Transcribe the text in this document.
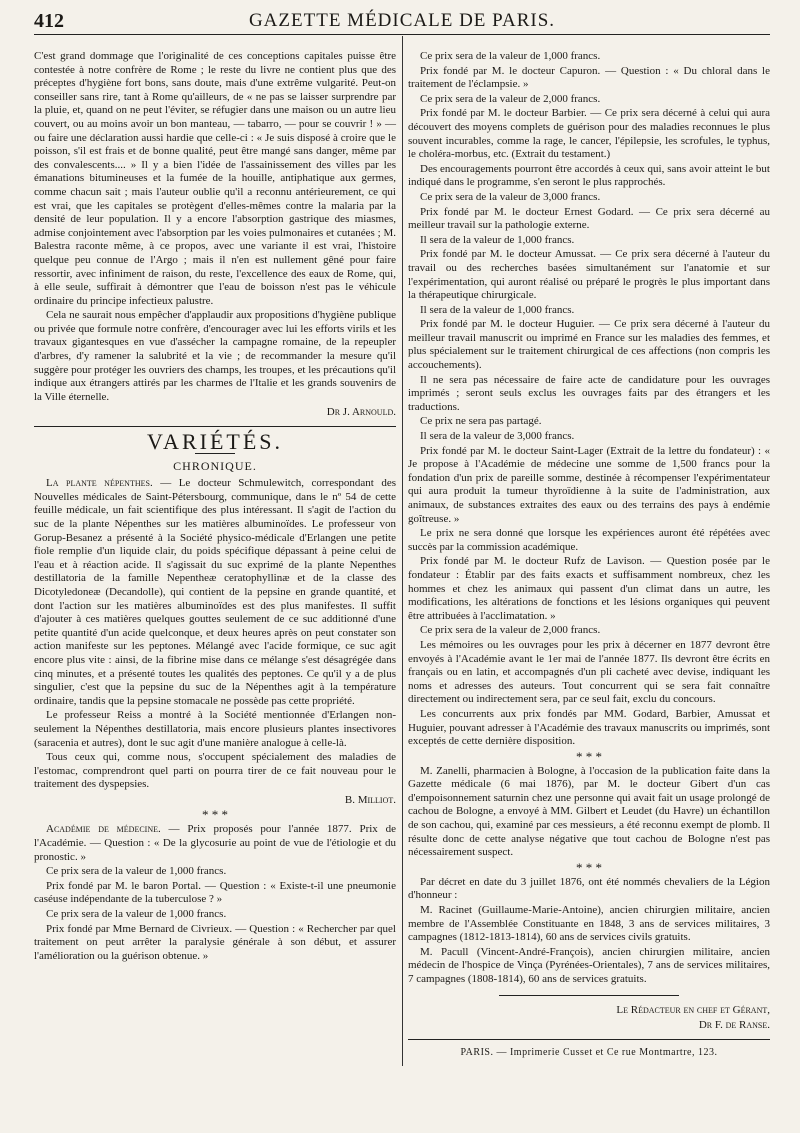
412	GAZETTE MÉDICALE DE PARIS.

C'est grand dommage que l'originalité de ces conceptions capitales puisse être contestée à notre confrère de Rome ; le reste du livre ne contient plus que des préceptes d'hygiène fort bons, sans doute, mais d'une extrême vulgarité. Peut-on conseiller sans rire, tant à Rome qu'ailleurs, de « ne pas se laisser surprendre par la pluie, et, quand on ne peut l'éviter, se réfugier dans une maison ou un autre lieu couvert, ou au moins avoir un bon manteau, — tabarro, — pour se couvrir ! » — ou faire une déclaration aussi hardie que celle-ci : « Je suis disposé à croire que le poisson, s'il est frais et de bonne qualité, peut être mangé sans danger, même par des convalescents.... » Il y a bien l'idée de l'assainissement des villes par les émanations bitumineuses et la fumée de la houille, antiphatique aux germes, comme chacun sait ; mais l'auteur oublie qu'il a reconnu antérieurement, ce qui est vrai, que les capitales se protègent d'elles-mêmes contre la malaria par la densité de leur population. Il y a encore l'absorption gastrique des miasmes, admise conjointement avec l'absorption par les voies pulmonaires et cutanées ; M. Balestra raconte même, à ce propos, avec une variante il est vrai, l'histoire quelque peu connue de l'Argo ; mais il n'en est nullement gêné pour faire ressortir, avec infiniment de raison, du reste, l'excellence des eaux de Rome, qui, à elle seule, suffirait à démontrer que l'eau de boisson n'est pas le véhicule ordinaire du principe infectieux palustre.

Cela ne saurait nous empêcher d'applaudir aux propositions d'hygiène publique ou privée que formule notre confrère, d'encourager avec lui les efforts virils et les travaux gigantesques en vue d'assécher la campagne romaine, de la repeupler d'arbres, d'y ramener la salubrité et la vie ; de recommander la mesure qu'il suggère pour protéger les ouvriers des champs, les troupes, et les précautions qu'il indique aux étrangers attirés par les charmes de l'Italie et les grands souvenirs de la Ville éternelle.

Dr J. Arnould.
VARIÉTÉS.
CHRONIQUE.

La plante népenthes. — Le docteur Schmulewitch, correspondant des Nouvelles médicales de Saint-Pétersbourg, communique, dans le nº 54 de cette feuille médicale, un fait scientifique des plus intéressant. Il s'agit de l'action du suc de la plante Népenthes sur les matières albuminoïdes. Le professeur von Gorup-Besanez a présenté à la Société physico-médicale d'Erlangen une petite fiole remplie d'un liquide clair, du poids spécifique dépassant à peine celui de l'eau et à réaction acide. Il s'agissait du suc exprimé de la plante Nepenthes destillatoria de la famille Nepentheæ ceratophyllinæ et de la classe des Dicotyledoneæ (Decandolle), qui contient de la pepsine en grande quantité, et dont l'action sur les matières albuminoïdes est des plus manifestes. Il suffit d'ajouter à ces matières quelques gouttes seulement de ce suc additionné d'une petite quantité d'un acide quelconque, et deux heures après on peut constater son action manifeste sur les peptones. Mélangé avec l'acide formique, ce suc agit encore plus vite : ainsi, de la fibrine mise dans ce mélange s'est désagrégée dans cinq minutes, et a présenté toutes les qualités des peptones. Ce qu'il y a de plus singulier, c'est que la pepsine du suc de la Népenthes agit à la température ordinaire, tandis que la pepsine stomacale ne possède pas cette propriété.

Le professeur Reiss a montré à la Société mentionnée d'Erlangen non-seulement la Népenthes destillatoria, mais encore plusieurs plantes insectivores (saracenia et autres), dont le suc agit d'une manière analogue à celle-là.

Tous ceux qui, comme nous, s'occupent spécialement des maladies de l'estomac, comprendront quel parti on pourra tirer de ce fait nouveau pour le traitement des dyspepsies.

B. Milliot.
* * *

Académie de médecine. — Prix proposés pour l'année 1877. Prix de l'Académie. — Question : « De la glycosurie au point de vue de l'étiologie et du pronostic. »

Ce prix sera de la valeur de 1,000 francs.

Prix fondé par M. le baron Portal. — Question : « Existe-t-il une pneumonie caséuse indépendante de la tuberculose ? »

Ce prix sera de la valeur de 1,000 francs.

Prix fondé par Mme Bernard de Civrieux. — Question : « Rechercher par quel traitement on peut arrêter la paralysie générale à son début, et assurer l'amélioration ou la guérison obtenue. »

Ce prix sera de la valeur de 1,000 francs.

Prix fondé par M. le docteur Capuron. — Question : « Du chloral dans le traitement de l'éclampsie. »

Ce prix sera de la valeur de 2,000 francs.

Prix fondé par M. le docteur Barbier. — Ce prix sera décerné à celui qui aura découvert des moyens complets de guérison pour des maladies reconnues le plus souvent incurables, comme la rage, le cancer, l'épilepsie, les scrofules, le typhus, le choléra-morbus, etc. (Extrait du testament.)

Des encouragements pourront être accordés à ceux qui, sans avoir atteint le but indiqué dans le programme, s'en seront le plus rapprochés.

Ce prix sera de la valeur de 3,000 francs.

Prix fondé par M. le docteur Ernest Godard. — Ce prix sera décerné au meilleur travail sur la pathologie externe.

Il sera de la valeur de 1,000 francs.

Prix fondé par M. le docteur Amussat. — Ce prix sera décerné à l'auteur du travail ou des recherches basées simultanément sur l'anatomie et sur l'expérimentation, qui auront réalisé ou préparé le progrès le plus important dans la thérapeutique chirurgicale.

Il sera de la valeur de 1,000 francs.

Prix fondé par M. le docteur Huguier. — Ce prix sera décerné à l'auteur du meilleur travail manuscrit ou imprimé en France sur les maladies des femmes, et plus spécialement sur le traitement chirurgical de ces affections (non compris les accouchements).

Il ne sera pas nécessaire de faire acte de candidature pour les ouvrages imprimés ; seront seuls exclus les ouvrages faits par des étrangers et les traductions.

Ce prix ne sera pas partagé.

Il sera de la valeur de 3,000 francs.

Prix fondé par M. le docteur Saint-Lager (Extrait de la lettre du fondateur) : « Je propose à l'Académie de médecine une somme de 1,500 francs pour la fondation d'un prix de pareille somme, destinée à récompenser l'expérimentateur qui aura produit la tumeur thyroïdienne à la suite de l'administration, aux animaux, de substances extraites des eaux ou des terrains des pays à endémie goîtreuse. »

Le prix ne sera donné que lorsque les expériences auront été répétées avec succès par la commission académique.

Prix fondé par M. le docteur Rufz de Lavison. — Question posée par le fondateur : Établir par des faits exacts et suffisamment nombreux, chez les hommes et chez les animaux qui passent d'un climat dans un autre, les modifications, les altérations de fonctions et les lésions organiques qui peuvent être attribuées à l'acclimatation. »

Ce prix sera de la valeur de 2,000 francs.

Les mémoires ou les ouvrages pour les prix à décerner en 1877 devront être envoyés à l'Académie avant le 1er mai de l'année 1877. Ils devront être écrits en français ou en latin, et accompagnés d'un pli cacheté avec devise, indiquant les noms et adresses des auteurs. Tout concurrent qui se sera fait connaître directement ou indirectement sera, par ce seul fait, exclu du concours.

Les concurrents aux prix fondés par MM. Godard, Barbier, Amussat et Huguier, pouvant adresser à l'Académie des travaux manuscrits ou imprimés, sont exceptés de cette dernière disposition.

* * *

M. Zanelli, pharmacien à Bologne, à l'occasion de la publication faite dans la Gazette médicale (6 mai 1876), par M. le docteur Gibert d'un cas d'empoisonnement saturnin chez une personne qui avait fait un usage prolongé de cachou de Bologne, a envoyé à MM. Gilbert et Leudet (du Havre) un échantillon de son cachou, qui, examiné par ces messieurs, a été reconnu exempt de plomb. Il résulte donc de cette analyse négative que tout cachou de Bologne n'est pas nécessairement suspect.

* * *

Par décret en date du 3 juillet 1876, ont été nommés chevaliers de la Légion d'honneur :

M. Racinet (Guillaume-Marie-Antoine), ancien chirurgien militaire, ancien membre de l'Assemblée Constituante en 1848, 3 ans de services militaires, 3 campagnes (1812-1813-1814), 60 ans de services civils gratuits.

M. Pacull (Vincent-André-François), ancien chirurgien militaire, ancien médecin de l'hospice de Vinça (Pyrénées-Orientales), 7 ans de services militaires, 7 campagnes (1808-1814), 60 ans de services gratuits.

Le Rédacteur en chef et Gérant,
Dr F. de Ranse.
PARIS. — Imprimerie Cusset et Ce rue Montmartre, 123.
